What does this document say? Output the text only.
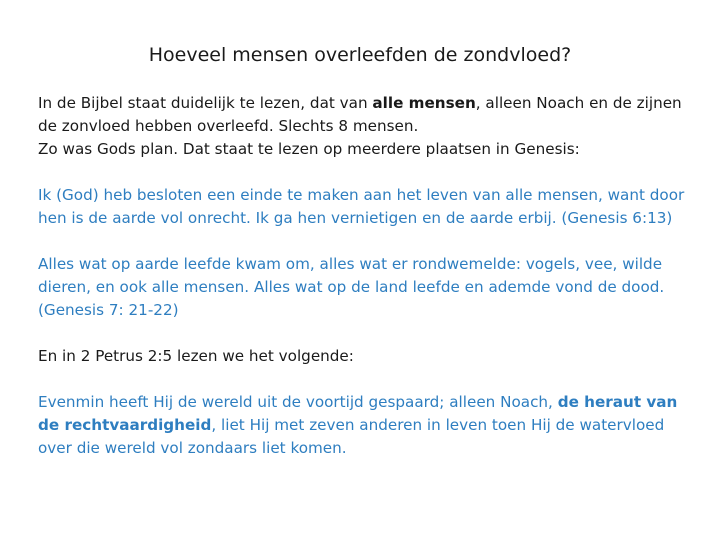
Hoeveel mensen overleefden de zondvloed?

In de Bijbel staat duidelijk te lezen, dat van alle mensen, alleen Noach en de zijnen de zonvloed hebben overleefd. Slechts 8 mensen.

Zo was Gods plan. Dat staat te lezen op meerdere plaatsen in Genesis:

Ik (God) heb besloten een einde te maken aan het leven van alle mensen, want door hen is de aarde vol onrecht. Ik ga hen vernietigen en de aarde erbij. (Genesis 6:13)

Alles wat op aarde leefde kwam om, alles wat er rondwemelde: vogels, vee, wilde dieren, en ook alle mensen. Alles wat op de land leefde en ademde vond de dood. (Genesis 7: 21-22)

En in 2 Petrus 2:5 lezen we het volgende:

Evenmin heeft Hij de wereld uit de voortijd gespaard; alleen Noach, de heraut van de rechtvaardigheid, liet Hij met zeven anderen in leven toen Hij de watervloed over die wereld vol zondaars liet komen.
